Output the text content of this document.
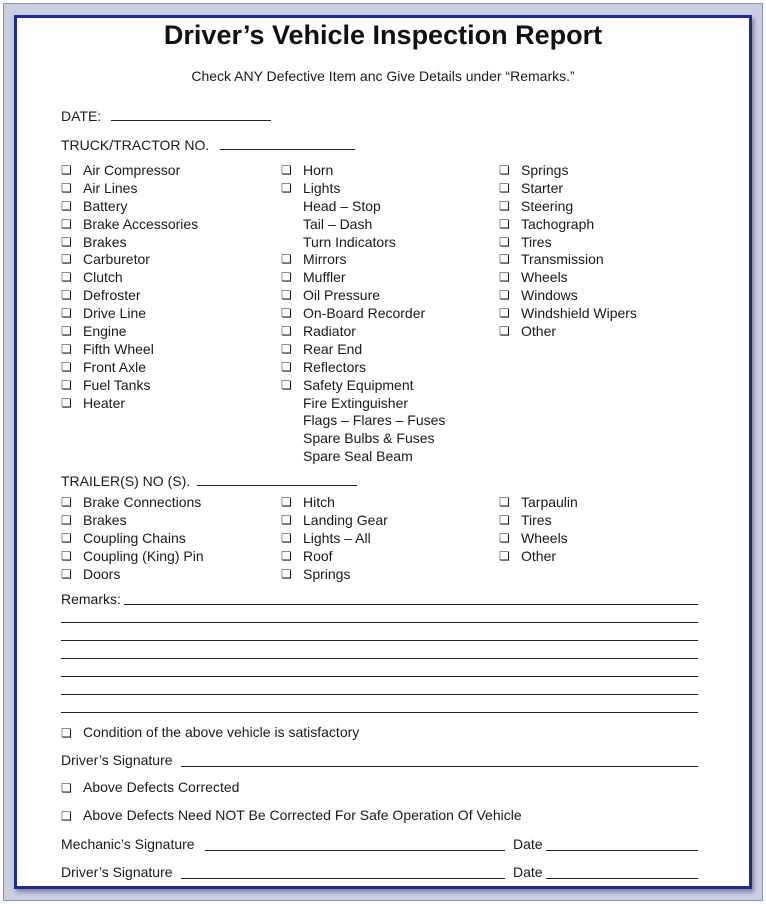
Driver’s Vehicle Inspection Report
Check ANY Defective Item anc Give Details under “Remarks.”
DATE:
TRUCK/TRACTOR NO.
❏ Air Compressor
❏ Air Lines
❏ Battery
❏ Brake Accessories
❏ Brakes
❏ Carburetor
❏ Clutch
❏ Defroster
❏ Drive Line
❏ Engine
❏ Fifth Wheel
❏ Front Axle
❏ Fuel Tanks
❏ Heater
❏ Horn
❏ Lights
Head – Stop
Tail – Dash
Turn Indicators
❏ Mirrors
❏ Muffler
❏ Oil Pressure
❏ On-Board Recorder
❏ Radiator
❏ Rear End
❏ Reflectors
❏ Safety Equipment
Fire Extinguisher
Flags – Flares – Fuses
Spare Bulbs & Fuses
Spare Seal Beam
❏ Springs
❏ Starter
❏ Steering
❏ Tachograph
❏ Tires
❏ Transmission
❏ Wheels
❏ Windows
❏ Windshield Wipers
❏ Other
TRAILER(S) NO (S).
❏ Brake Connections
❏ Brakes
❏ Coupling Chains
❏ Coupling (King) Pin
❏ Doors
❏ Hitch
❏ Landing Gear
❏ Lights – All
❏ Roof
❏ Springs
❏ Tarpaulin
❏ Tires
❏ Wheels
❏ Other
Remarks:
❏ Condition of the above vehicle is satisfactory
Driver’s Signature
❏ Above Defects Corrected
❏ Above Defects Need NOT Be Corrected For Safe Operation Of Vehicle
Mechanic’s Signature	Date
Driver’s Signature	Date
